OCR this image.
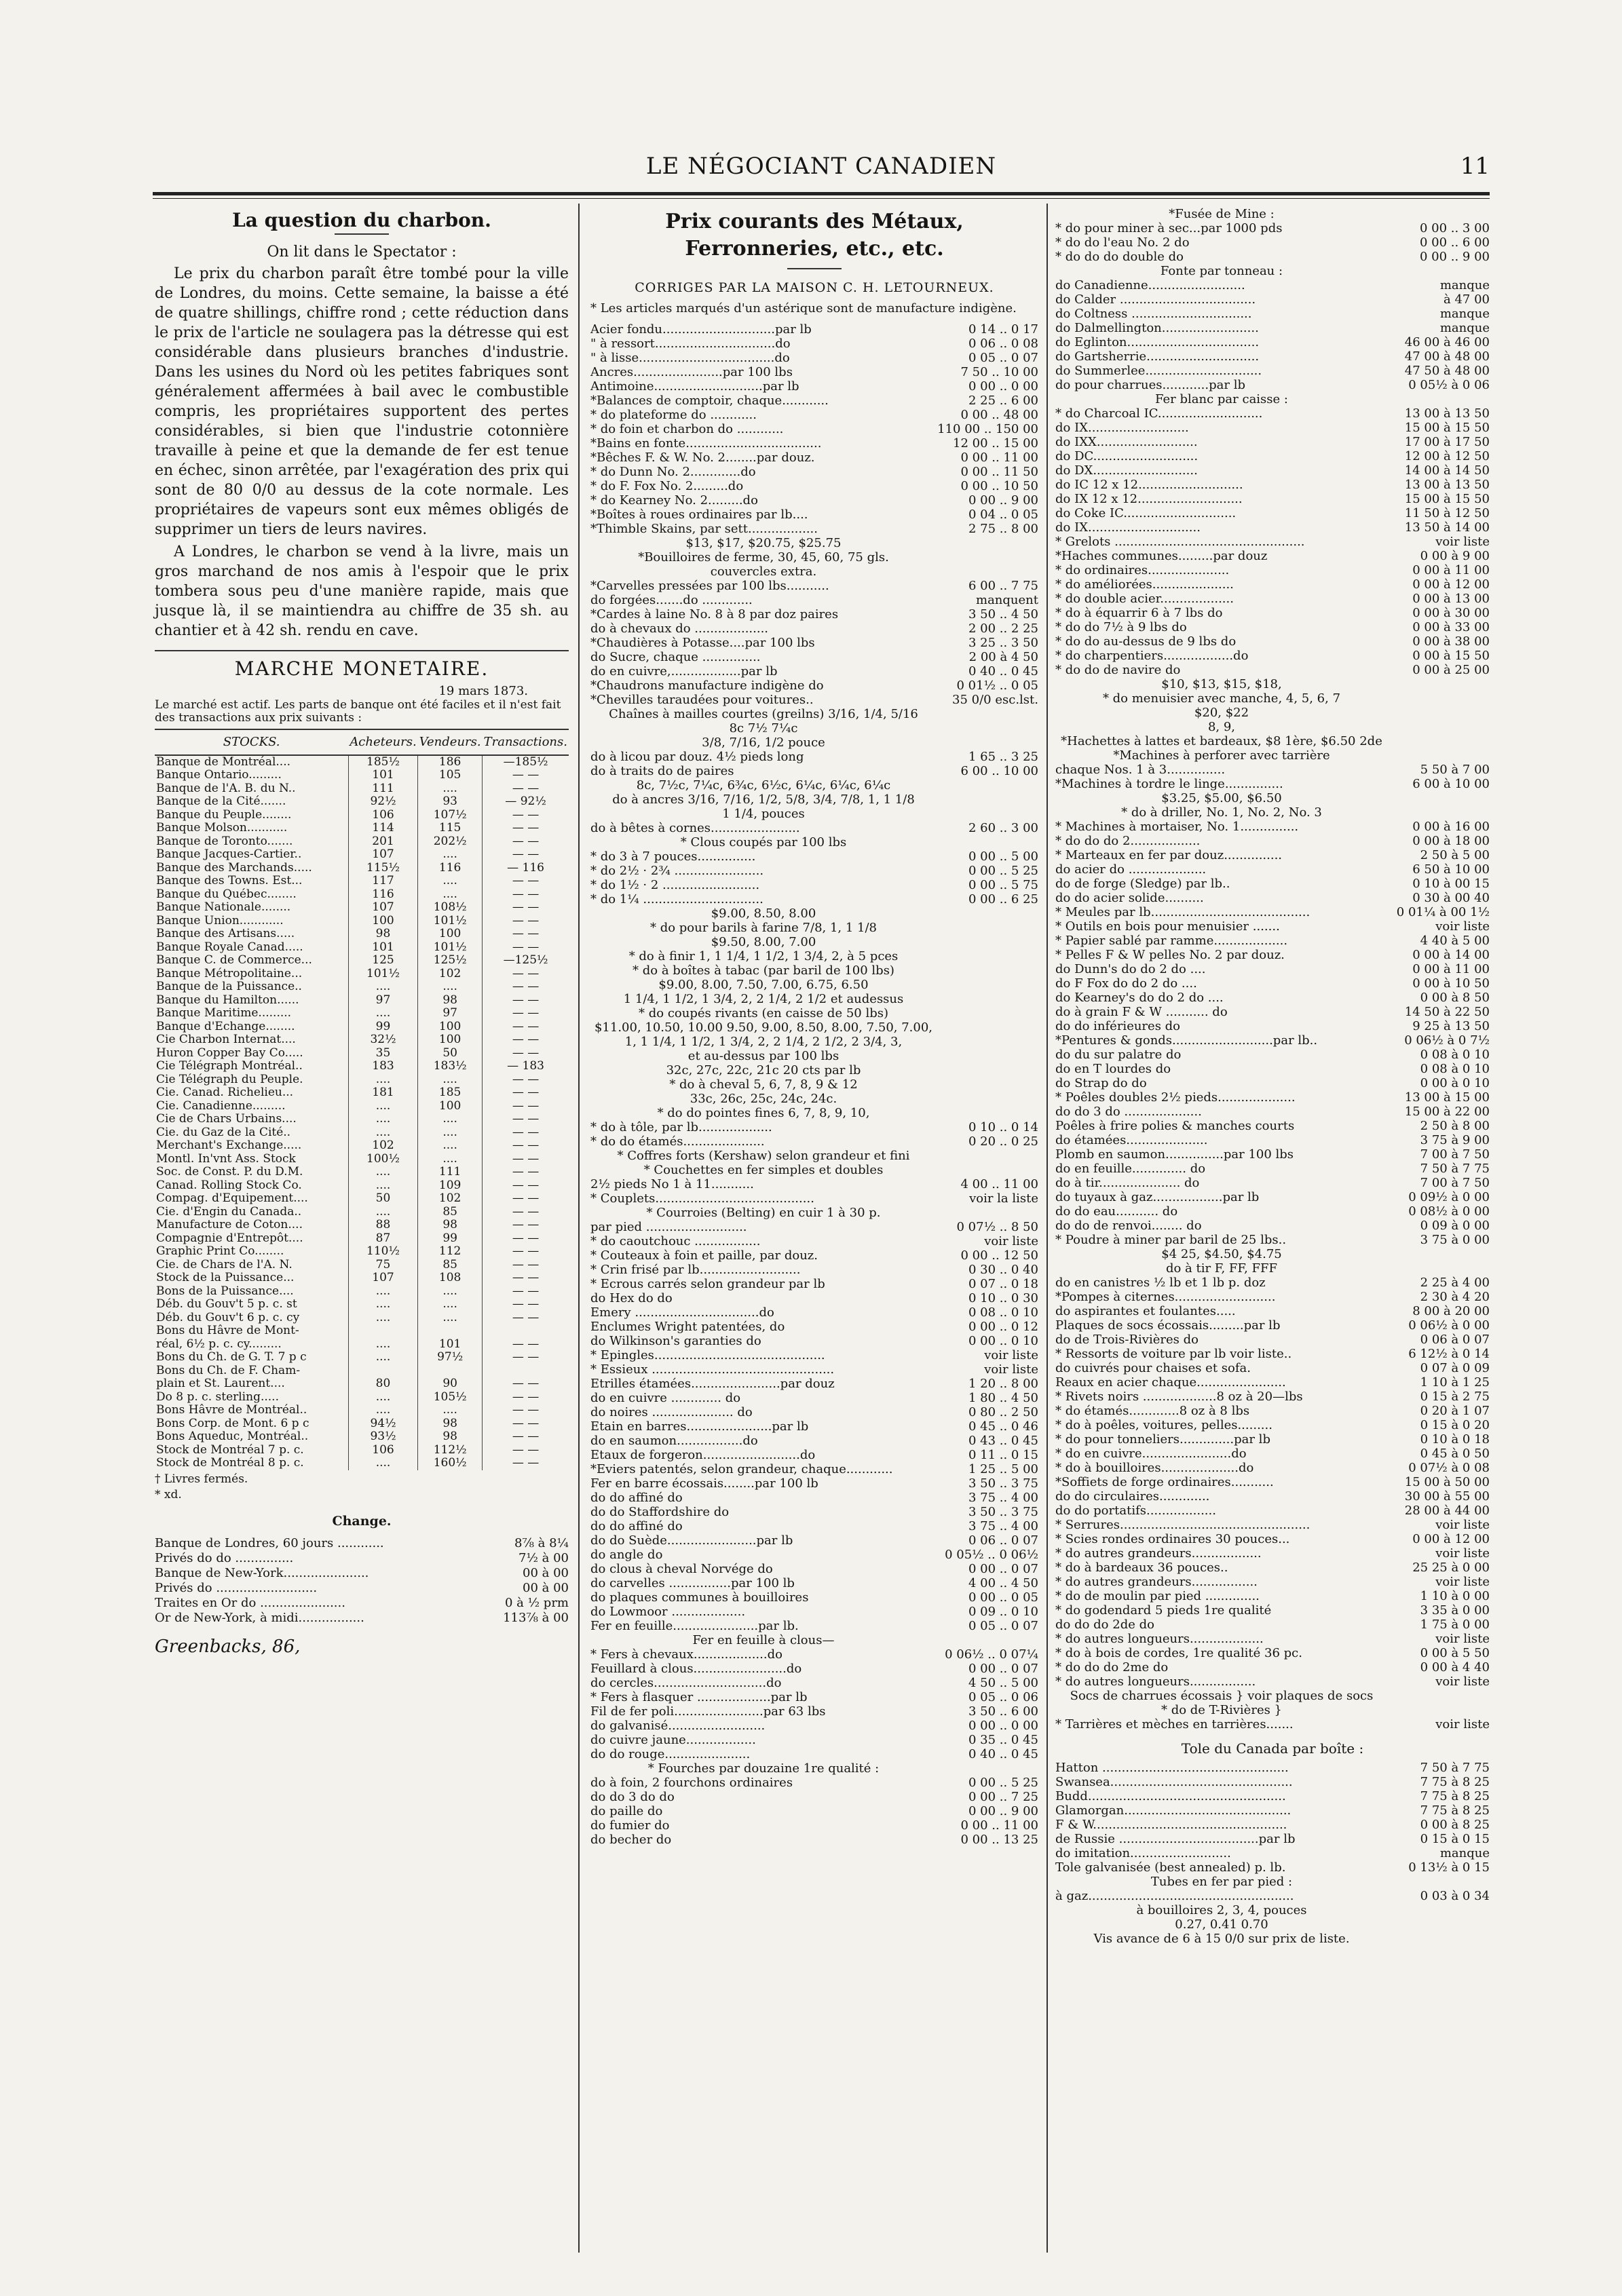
LE NÉGOCIANT CANADIEN	11
La question du charbon.
On lit dans le Spectator :

Le prix du charbon paraît être tombé pour la ville de Londres, du moins. Cette semaine, la baisse a été de quatre shillings, chiffre rond ; cette réduction dans le prix de l'article ne soulagera pas la détresse qui est considérable dans plusieurs branches d'industrie. Dans les usines du Nord où les petites fabriques sont généralement affermées à bail avec le combustible compris, les propriétaires supportent des pertes considérables, si bien que l'industrie cotonnière travaille à peine et que la demande de fer est tenue en échec, sinon arrêtée, par l'exagération des prix qui sont de 80 0/0 au dessus de la cote normale. Les propriétaires de vapeurs sont eux mêmes obligés de supprimer un tiers de leurs navires.

A Londres, le charbon se vend à la livre, mais un gros marchand de nos amis à l'espoir que le prix tombera sous peu d'une manière rapide, mais que jusque là, il se maintiendra au chiffre de 35 sh. au chantier et à 42 sh. rendu en cave.

MARCHE MONETAIRE.
19 mars 1873.
Le marché est actif. Les parts de banque ont été faciles et il n'est fait des transactions aux prix suivants :
STOCKS.	Acheteurs.	Vendeurs.	Transactions.
Banque de Montréal....	185½	186	—185½
Banque Ontario.........	101	105	— —
Banque de l'A. B. du N..	111	....	— —
Banque de la Cité.......	92½	93	— 92½
Banque du Peuple........	106	107½	— —
Banque Molson...........	114	115	— —
Banque de Toronto.......	201	202½	— —
Banque Jacques-Cartier..	107	....	— —
Banque des Marchands.....	115½	116	— 116
Banque des Towns. Est...	117	....	— —
Banque du Québec........	116	....	— —
Banque Nationale........	107	108½	— —
Banque Union............	100	101½	— —
Banque des Artisans.....	98	100	— —
Banque Royale Canad.....	101	101½	— —
Banque C. de Commerce...	125	125½	—125½
Banque Métropolitaine...	101½	102	— —
Banque de la Puissance..	....	....	— —
Banque du Hamilton......	97	98	— —
Banque Maritime.........	....	97	— —
Banque d'Echange........	99	100	— —
Cie Charbon Internat....	32½	100	— —
Huron Copper Bay Co.....	35	50	— —
Cie Télégraph Montréal..	183	183½	— 183
Cie Télégraph du Peuple.	....	....	— —
Cie. Canad. Richelieu...	181	185	— —
Cie. Canadienne.........	....	100	— —
Cie de Chars Urbains....	....	....	— —
Cie. du Gaz de la Cité..	....	....	— —
Merchant's Exchange.....	102	....	— —
Montl. In'vnt Ass. Stock	100½	....	— —
Soc. de Const. P. du D.M.	....	111	— —
Canad. Rolling Stock Co.	....	109	— —
Compag. d'Equipement....	50	102	— —
Cie. d'Engin du Canada..	....	85	— —
Manufacture de Coton....	88	98	— —
Compagnie d'Entrepôt....	87	99	— —
Graphic Print Co........	110½	112	— —
Cie. de Chars de l'A. N.	75	85	— —
Stock de la Puissance...	107	108	— —
Bons de la Puissance....	....	....	— —
Déb. du Gouv't 5 p. c. st	....	....	— —
Déb. du Gouv't 6 p. c. cy	....	....	— —
Bons du Hâvre de Mont-			
réal, 6½ p. c. cy.........	....	101	— —
Bons du Ch. de G. T. 7 p c	....	97½	— —
Bons du Ch. de F. Cham-			
plain et St. Laurent....	80	90	— —
Do 8 p. c. sterling.....	....	105½	— —
Bons Hâvre de Montréal..	....	....	— —
Bons Corp. de Mont. 6 p c	94½	98	— —
Bons Aqueduc, Montréal..	93½	98	— —
Stock de Montréal 7 p. c.	106	112½	— —
Stock de Montréal 8 p. c.	....	160½	— —
† Livres fermés.
* xd.
Change.
Banque de Londres, 60 jours ............	8⅞ à 8¼
Privés do do ...............	7½ à 00
Banque de New-York......................	00 à 00
Privés do ..........................	00 à 00
Traites en Or do ......................	0 à ½ prm
Or de New-York, à midi.................	113⅞ à 00
Greenbacks, 86,
Prix courants des Métaux, Ferronneries, etc., etc.
CORRIGES PAR LA MAISON C. H. LETOURNEUX.
* Les articles marqués d'un astérique sont de manufacture indigène.
Acier fondu.............................par lb	0 14 .. 0 17
" à ressort...............................do	0 06 .. 0 08
" à lisse...................................do	0 05 .. 0 07
Ancres.......................par 100 lbs	7 50 .. 10 00
Antimoine............................par lb	0 00 .. 0 00
*Balances de comptoir, chaque............	2 25 .. 6 00
* do plateforme do ............	0 00 .. 48 00
* do foin et charbon do ............	110 00 .. 150 00
*Bains en fonte...................................	12 00 .. 15 00
*Bêches F. & W. No. 2........par douz.	0 00 .. 11 00
* do Dunn No. 2.............do	0 00 .. 11 50
* do F. Fox No. 2.........do	0 00 .. 10 50
* do Kearney No. 2.........do	0 00 .. 9 00
*Boîtes à roues ordinaires par lb....	0 04 .. 0 05
*Thimble Skains, par sett..................	2 75 .. 8 00
$13, $17, $20.75, $25.75
*Bouilloires de ferme, 30, 45, 60, 75 gls.
couvercles extra.
*Carvelles pressées par 100 lbs...........	6 00 .. 7 75
do forgées.......do .............	manquent
*Cardes à laine No. 8 à 8 par doz paires	3 50 .. 4 50
do à chevaux do ...................	2 00 .. 2 25
*Chaudières à Potasse....par 100 lbs	3 25 .. 3 50
do Sucre, chaque ...............	2 00 à 4 50
do en cuivre,..................par lb	0 40 .. 0 45
*Chaudrons manufacture indigène do	0 01½ .. 0 05
*Chevilles taraudées pour voitures..	35 0/0 esc.lst.
Chaînes à mailles courtes (greilns) 3/16, 1/4, 5/16
8c 7½ 7¼c
3/8, 7/16, 1/2 pouce
do à licou par douz. 4½ pieds long	1 65 .. 3 25
do à traits do de paires	6 00 .. 10 00
8c, 7½c, 7¼c, 6¾c, 6½c, 6¼c, 6¼c, 6¼c
do à ancres 3/16, 7/16, 1/2, 5/8, 3/4, 7/8, 1, 1 1/8
1 1/4, pouces
do à bêtes à cornes.......................	2 60 .. 3 00
* Clous coupés par 100 lbs
* do 3 à 7 pouces...............	0 00 .. 5 00
* do 2½ · 2¾ .......................	0 00 .. 5 25
* do 1½ · 2 .........................	0 00 .. 5 75
* do 1¼ ...............................	0 00 .. 6 25
$9.00, 8.50, 8.00
* do pour barils à farine 7/8, 1, 1 1/8
$9.50, 8.00, 7.00
* do à finir 1, 1 1/4, 1 1/2, 1 3/4, 2, à 5 pces
* do à boîtes à tabac (par baril de 100 lbs)
$9.00, 8.00, 7.50, 7.00, 6.75, 6.50
1 1/4, 1 1/2, 1 3/4, 2, 2 1/4, 2 1/2 et audessus
* do coupés rivants (en caisse de 50 lbs)
$11.00, 10.50, 10.00 9.50, 9.00, 8.50, 8.00, 7.50, 7.00,
1, 1 1/4, 1 1/2, 1 3/4, 2, 2 1/4, 2 1/2, 2 3/4, 3,
et au-dessus par 100 lbs
32c, 27c, 22c, 21c 20 cts par lb
* do à cheval 5, 6, 7, 8, 9 & 12
33c, 26c, 25c, 24c, 24c.
* do do pointes fines 6, 7, 8, 9, 10,
* do à tôle, par lb...................	0 10 .. 0 14
* do do étamés.....................	0 20 .. 0 25
* Coffres forts (Kershaw) selon grandeur et fini
* Couchettes en fer simples et doubles
2½ pieds No 1 à 11...........	4 00 .. 11 00
* Couplets.........................................	voir la liste
* Courroies (Belting) en cuir 1 à 30 p.
par pied ..........................	0 07½ .. 8 50
* do caoutchouc .................	voir liste
* Couteaux à foin et paille, par douz.	0 00 .. 12 50
* Crin frisé par lb..........................	0 30 .. 0 40
* Ecrous carrés selon grandeur par lb	0 07 .. 0 18
do Hex do do	0 10 .. 0 30
Emery ................................do	0 08 .. 0 10
Enclumes Wright patentées, do	0 00 .. 0 12
do Wilkinson's garanties do	0 00 .. 0 10
* Epingles............................................	voir liste
* Essieux ...............................................	voir liste
Etrilles étamées.......................par douz	1 20 .. 8 00
do en cuivre ............. do	1 80 .. 4 50
do noires ..................... do	0 80 .. 2 50
Etain en barres......................par lb	0 45 .. 0 46
do en saumon.................do	0 43 .. 0 45
Etaux de forgeron.........................do	0 11 .. 0 15
*Eviers patentés, selon grandeur, chaque............	1 25 .. 5 00
Fer en barre écossais........par 100 lb	3 50 .. 3 75
do do affiné do	3 75 .. 4 00
do do Staffordshire do	3 50 .. 3 75
do do affiné do	3 75 .. 4 00
do do Suède.......................par lb	0 06 .. 0 07
do angle do	0 05½ .. 0 06½
do clous à cheval Norvége do	0 00 .. 0 07
do carvelles ................par 100 lb	4 00 .. 4 50
do plaques communes à bouilloires	0 00 .. 0 05
do Lowmoor ...................	0 09 .. 0 10
Fer en feuille......................par lb.	0 05 .. 0 07
Fer en feuille à clous—
* Fers à chevaux...................do	0 06½ .. 0 07¼
Feuillard à clous........................do	0 00 .. 0 07
do cercles.............................do	4 50 .. 5 00
* Fers à flasquer ...................par lb	0 05 .. 0 06
Fil de fer poli.......................par 63 lbs	3 50 .. 6 00
do galvanisé.........................	0 00 .. 0 00
do cuivre jaune..................	0 35 .. 0 45
do do rouge......................	0 40 .. 0 45
* Fourches par douzaine 1re qualité :
do à foin, 2 fourchons ordinaires	0 00 .. 5 25
do do 3 do do	0 00 .. 7 25
do paille do	0 00 .. 9 00
do fumier do	0 00 .. 11 00
do becher do	0 00 .. 13 25
*Fusée de Mine :
* do pour miner à sec...par 1000 pds	0 00 .. 3 00
* do do l'eau No. 2 do	0 00 .. 6 00
* do do do double do	0 00 .. 9 00
Fonte par tonneau :
do Canadienne.........................	manque
do Calder ...................................	à 47 00
do Coltness ...............................	manque
do Dalmellington.........................	manque
do Eglinton..................................	46 00 à 46 00
do Gartsherrie.............................	47 00 à 48 00
do Summerlee..............................	47 50 à 48 00
do pour charrues............par lb	0 05½ à 0 06
Fer blanc par caisse :
* do Charcoal IC...........................	13 00 à 13 50
do IX..........................	15 00 à 15 50
do IXX..........................	17 00 à 17 50
do DC...........................	12 00 à 12 50
do DX...........................	14 00 à 14 50
do IC 12 x 12...........................	13 00 à 13 50
do IX 12 x 12...........................	15 00 à 15 50
do Coke IC.............................	11 50 à 12 50
do IX.............................	13 50 à 14 00
* Grelots .................................................	voir liste
*Haches communes.........par douz	0 00 à 9 00
* do ordinaires.....................	0 00 à 11 00
* do améliorées.....................	0 00 à 12 00
* do double acier...................	0 00 à 13 00
* do à équarrir 6 à 7 lbs do	0 00 à 30 00
* do do 7½ à 9 lbs do	0 00 à 33 00
* do do au-dessus de 9 lbs do	0 00 à 38 00
* do charpentiers..................do	0 00 à 15 50
* do do de navire do	0 00 à 25 00
$10, $13, $15, $18,
* do menuisier avec manche, 4, 5, 6, 7
$20, $22
8, 9,
*Hachettes à lattes et bardeaux, $8 1ère, $6.50 2de
*Machines à perforer avec tarrière
chaque Nos. 1 à 3...............	5 50 à 7 00
*Machines à tordre le linge...............	6 00 à 10 00
$3.25, $5.00, $6.50
* do à driller, No. 1, No. 2, No. 3
* Machines à mortaiser, No. 1...............	0 00 à 16 00
* do do do 2..................	0 00 à 18 00
* Marteaux en fer par douz...............	2 50 à 5 00
do acier do ....................	6 50 à 10 00
do de forge (Sledge) par lb..	0 10 à 00 15
do do acier solide..........	0 30 à 00 40
* Meules par lb.........................................	0 01¼ à 00 1½
* Outils en bois pour menuisier .......	voir liste
* Papier sablé par ramme...................	4 40 à 5 00
* Pelles F & W pelles No. 2 par douz.	0 00 à 14 00
do Dunn's do do 2 do ....	0 00 à 11 00
do F Fox do do 2 do ....	0 00 à 10 50
do Kearney's do do 2 do ....	0 00 à 8 50
do à grain F & W ........... do	14 50 à 22 50
do do inférieures do	9 25 à 13 50
*Pentures & gonds..........................par lb..	0 06½ à 0 7½
do du sur palatre do	0 08 à 0 10
do en T lourdes do	0 08 à 0 10
do Strap do do	0 00 à 0 10
* Poêles doubles 2½ pieds....................	13 00 à 15 00
do do 3 do ....................	15 00 à 22 00
Poêles à frire polies & manches courts	2 50 à 8 00
do étamées.....................	3 75 à 9 00
Plomb en saumon...............par 100 lbs	7 00 à 7 50
do en feuille.............. do	7 50 à 7 75
do à tir..................... do	7 00 à 7 50
do tuyaux à gaz..................par lb	0 09½ à 0 00
do do eau........... do	0 08½ à 0 00
do do de renvoi........ do	0 09 à 0 00
* Poudre à miner par baril de 25 lbs..	3 75 à 0 00
$4 25, $4.50, $4.75
do à tir F, FF, FFF
do en canistres ½ lb et 1 lb p. doz	2 25 à 4 00
*Pompes à citernes..........................	2 30 à 4 20
do aspirantes et foulantes.....	8 00 à 20 00
Plaques de socs écossais.........par lb	0 06½ à 0 00
do de Trois-Rivières do	0 06 à 0 07
* Ressorts de voiture par lb voir liste..	6 12½ à 0 14
do cuivrés pour chaises et sofa.	0 07 à 0 09
Reaux en acier chaque.......................	1 10 à 1 25
* Rivets noirs ...................8 oz à 20—lbs	0 15 à 2 75
* do étamés.............8 oz à 8 lbs	0 20 à 1 07
* do à poêles, voitures, pelles.........	0 15 à 0 20
* do pour tonneliers..............par lb	0 10 à 0 18
* do en cuivre.......................do	0 45 à 0 50
* do à bouilloires....................do	0 07½ à 0 08
*Soffiets de forge ordinaires...........	15 00 à 50 00
do do circulaires.............	30 00 à 55 00
do do portatifs..................	28 00 à 44 00
* Serrures.................................................	voir liste
* Scies rondes ordinaires 30 pouces...	0 00 à 12 00
* do autres grandeurs..................	voir liste
* do à bardeaux 36 pouces..	25 25 à 0 00
* do autres grandeurs.................	voir liste
* do de moulin par pied ..............	1 10 à 0 00
* do godendard 5 pieds 1re qualité	3 35 à 0 00
do do do 2de do	1 75 à 0 00
* do autres longueurs...................	voir liste
* do à bois de cordes, 1re qualité 36 pc.	0 00 à 5 50
* do do do 2me do	0 00 à 4 40
* do autres longueurs.................	voir liste
Socs de charrues écossais } voir plaques de socs
* do de T-Rivières }
* Tarrières et mèches en tarrières.......	voir liste
Tole du Canada par boîte :
Hatton ................................................	7 50 à 7 75
Swansea...............................................	7 75 à 8 25
Budd...................................................	7 75 à 8 25
Glamorgan...........................................	7 75 à 8 25
F & W..................................................	0 00 à 8 25
de Russie ....................................par lb	0 15 à 0 15
do imitation..........................	manque
Tole galvanisée (best annealed) p. lb.	0 13½ à 0 15
Tubes en fer par pied :
à gaz.....................................................	0 03 à 0 34
à bouilloires 2, 3, 4, pouces
0.27, 0.41 0.70
Vis avance de 6 à 15 0/0 sur prix de liste.
